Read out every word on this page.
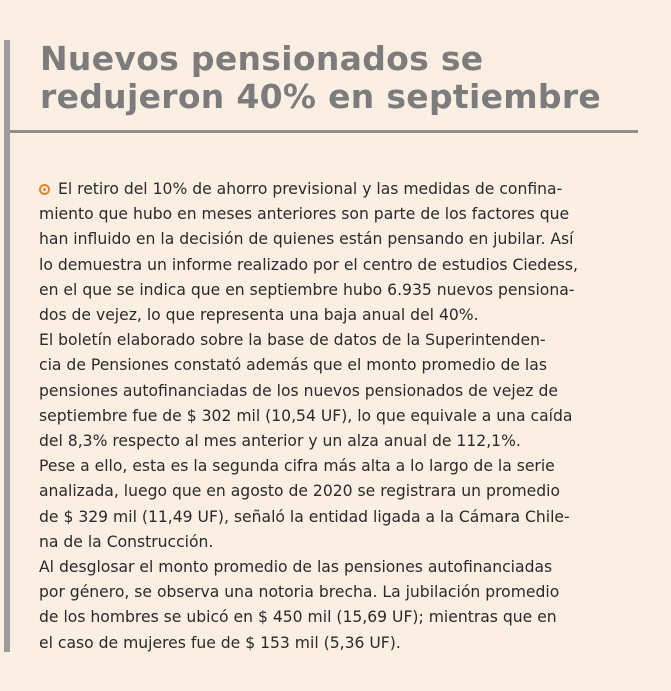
Nuevos pensionados se
redujeron 40% en septiembre
El retiro del 10% de ahorro previsional y las medidas de confina-
miento que hubo en meses anteriores son parte de los factores que
han influido en la decisión de quienes están pensando en jubilar. Así
lo demuestra un informe realizado por el centro de estudios Ciedess,
en el que se indica que en septiembre hubo 6.935 nuevos pensiona-
dos de vejez, lo que representa una baja anual del 40%.
El boletín elaborado sobre la base de datos de la Superintenden-
cia de Pensiones constató además que el monto promedio de las
pensiones autofinanciadas de los nuevos pensionados de vejez de
septiembre fue de $ 302 mil (10,54 UF), lo que equivale a una caída
del 8,3% respecto al mes anterior y un alza anual de 112,1%.
Pese a ello, esta es la segunda cifra más alta a lo largo de la serie
analizada, luego que en agosto de 2020 se registrara un promedio
de $ 329 mil (11,49 UF), señaló la entidad ligada a la Cámara Chile-
na de la Construcción.
Al desglosar el monto promedio de las pensiones autofinanciadas
por género, se observa una notoria brecha. La jubilación promedio
de los hombres se ubicó en $ 450 mil (15,69 UF); mientras que en
el caso de mujeres fue de $ 153 mil (5,36 UF).
